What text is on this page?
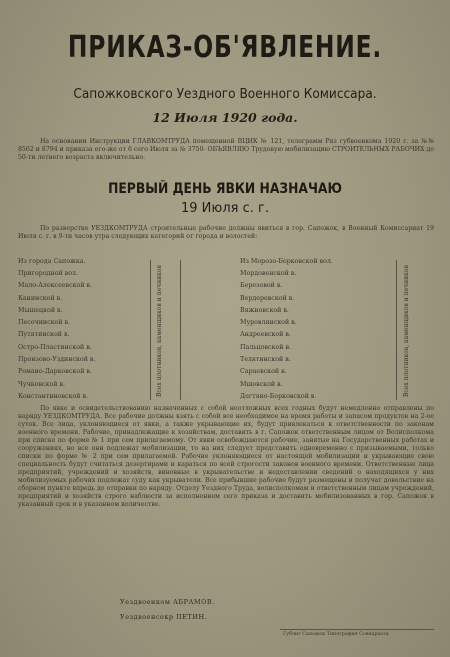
ПРИКАЗ-ОБ'ЯВЛЕНИЕ.
Сапожковского Уездного Военного Комиссара.
12 Июля 1920 года.
На основании Инструкции ГЛАВКОМТРУДА помещенной ВЦИК № 121, телеграмм Ряз губвоенкома 1920 г. за №№ 8562 и 8794 и приказа его-же от 6 сего Июля за № 3750- ОБЪЯВЛЯЮ Трудовую мобилизацию СТРОИТЕЛЬНЫХ РАБОЧИХ до 50-ти летнего возраста включительно.
ПЕРВЫЙ ДЕНЬ ЯВКИ НАЗНАЧАЮ
19 Июля с. г.
По разверстке УЕЗДКОМТРУДА строительные рабочие должны явиться в гор. Сапожок, в Военный Комиссариат 19 Июля с. г. в 9-ти часов утра следующих категорий от города и волостей:
Из города Сапожка.
Пригородной вол.
Мало-Алексеевской в.
Канинской в.
Мышецкой в.
Песочинской в.
Путятинской в.
Остро-Пластинской в.
Пронзово-Уздинской в.
Романо-Дарковской в.
Чучковской в.
Константиновской в.	Всех плотников, каменщиков и печников
Из Морозо-Борковской вол.
Мордовенской в.
Березовой в.
Вердеревской в.
Вяжновской в.
Муровлянской в.
Андреевской в.
Пальцовской в.
Телятинской в.
Сараевской в.
Мшовской в.
Дегтяно-Борковской в.	Всех плотников, каменщиков и печников
По явке и освидетельствованию назначенных с собой неотложных всех годных будут немедленно отправлены по наряду УЕЗДКОМТРУДА. Все рабочие должны взять с собой все необходимое на время работы и запасом продуктов на 2-ое суток. Все лица, уклоняющиеся от явки, а также укрывающие их, будут привлекаться к ответственности по законам военного времени. Рабочие, принадлежащие к хозяйствам, доставить в г. Сапожок ответственным лицом от Волисполкома при списке по форме № 1 при сем прилагаемому. От явки освобождаются рабочие, занятые на Государственных работах и сооружениях, но все они подлежат мобилизации, то на них следует представить одновременно с призываемыми, только списки по форме № 2 при сем прилагаемой. Рабочие уклоняющиеся от настоящей мобилизации и укрывающие свою специальность будут считаться дезертирами и караться по всей строгости законов военного времени. Ответственные лица предприятий, учреждений и хозяйств, виновные в укрывательстве и недоставлении сведений о находящихся у них мобилизуемых рабочих подлежат суду как укрыватели. Все прибывшие рабочие будут размещены и получат довольствие на сборном пункте впредь до отправки по наряду. Отделу Уездного Труда, волисполкомам и ответственным лицам учреждений, предприятий и хозяйств строго наблюсти за исполнением сего приказа и доставить мобилизованных в гор. Сапожок в указанный срок и в указанном количестве.
Уездвоенком АБРАМОВ.
Уездвоенсекр ПЕТИН.
Гублит Сапожок Типография Совнархоза
